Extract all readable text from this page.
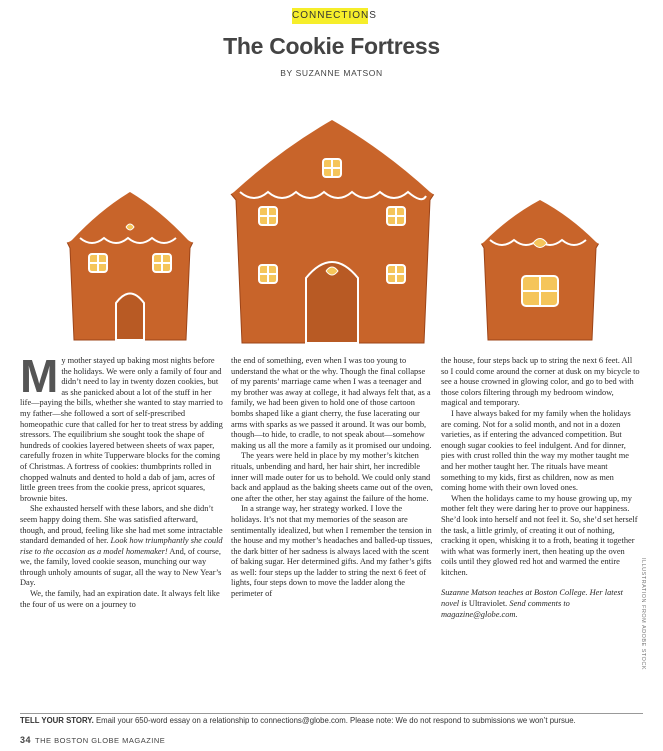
CONNECTIONS
The Cookie Fortress
BY SUZANNE MATSON

My mother stayed up baking most nights before the holidays. We were only a family of four and didn’t need to lay in twenty dozen cookies, but as she panicked about a lot of the stuff in her life—paying the bills, whether she wanted to stay married to my father—she followed a sort of self-prescribed homeopathic cure that called for her to treat stress by adding stressors. The equilibrium she sought took the shape of hundreds of cookies layered between sheets of wax paper, carefully frozen in white Tupperware blocks for the coming of Christmas. A fortress of cookies: thumbprints rolled in chopped walnuts and dented to hold a dab of jam, acres of little green trees from the cookie press, apricot squares, brownie bites.

She exhausted herself with these labors, and she didn’t seem happy doing them. She was satisfied afterward, though, and proud, feeling like she had met some intractable standard demanded of her. Look how triumphantly she could rise to the occasion as a model homemaker! And, of course, we, the family, loved cookie season, munching our way through unholy amounts of sugar, all the way to New Year’s Day.

We, the family, had an expiration date. It always felt like the four of us were on a journey to

the end of something, even when I was too young to understand the what or the why. Though the final collapse of my parents’ marriage came when I was a teenager and my brother was away at college, it had always felt that, as a family, we had been given to hold one of those cartoon bombs shaped like a giant cherry, the fuse lacerating our arms with sparks as we passed it around. It was our bomb, though—to hide, to cradle, to not speak about—somehow making us all the more a family as it promised our undoing.

The years were held in place by my mother’s kitchen rituals, unbending and hard, her hair shirt, her incredible inner will made outer for us to behold. We could only stand back and applaud as the baking sheets came out of the oven, one after the other, her stay against the failure of the home.

In a strange way, her strategy worked. I love the holidays. It’s not that my memories of the season are sentimentally idealized, but when I remember the tension in the house and my mother’s headaches and balled-up tissues, the dark bitter of her sadness is always laced with the scent of baking sugar. Her determined gifts. And my father’s gifts as well: four steps up the ladder to string the next 6 feet of lights, four steps down to move the ladder along the perimeter of

the house, four steps back up to string the next 6 feet. All so I could come around the corner at dusk on my bicycle to see a house crowned in glowing color, and go to bed with those colors filtering through my bedroom window, magical and temporary.

I have always baked for my family when the holidays are coming. Not for a solid month, and not in a dozen varieties, as if entering the advanced competition. But enough sugar cookies to feel indulgent. And for dinner, pies with crust rolled thin the way my mother taught me and her mother taught her. The rituals have meant something to my kids, first as children, now as men coming home with their own loved ones.

When the holidays came to my house growing up, my mother felt they were daring her to prove our happiness. She’d look into herself and not feel it. So, she’d set herself the task, a little grimly, of creating it out of nothing, cracking it open, whisking it to a froth, beating it together with what was formerly inert, then heating up the oven coils until they glowed red hot and warmed the entire kitchen.

Suzanne Matson teaches at Boston College. Her latest novel is Ultraviolet. Send comments to magazine@globe.com.	ILLUSTRATION FROM ADOBE STOCK
TELL YOUR STORY. Email your 650-word essay on a relationship to connections@globe.com. Please note: We do not respond to submissions we won’t pursue.
34 THE BOSTON GLOBE MAGAZINE
